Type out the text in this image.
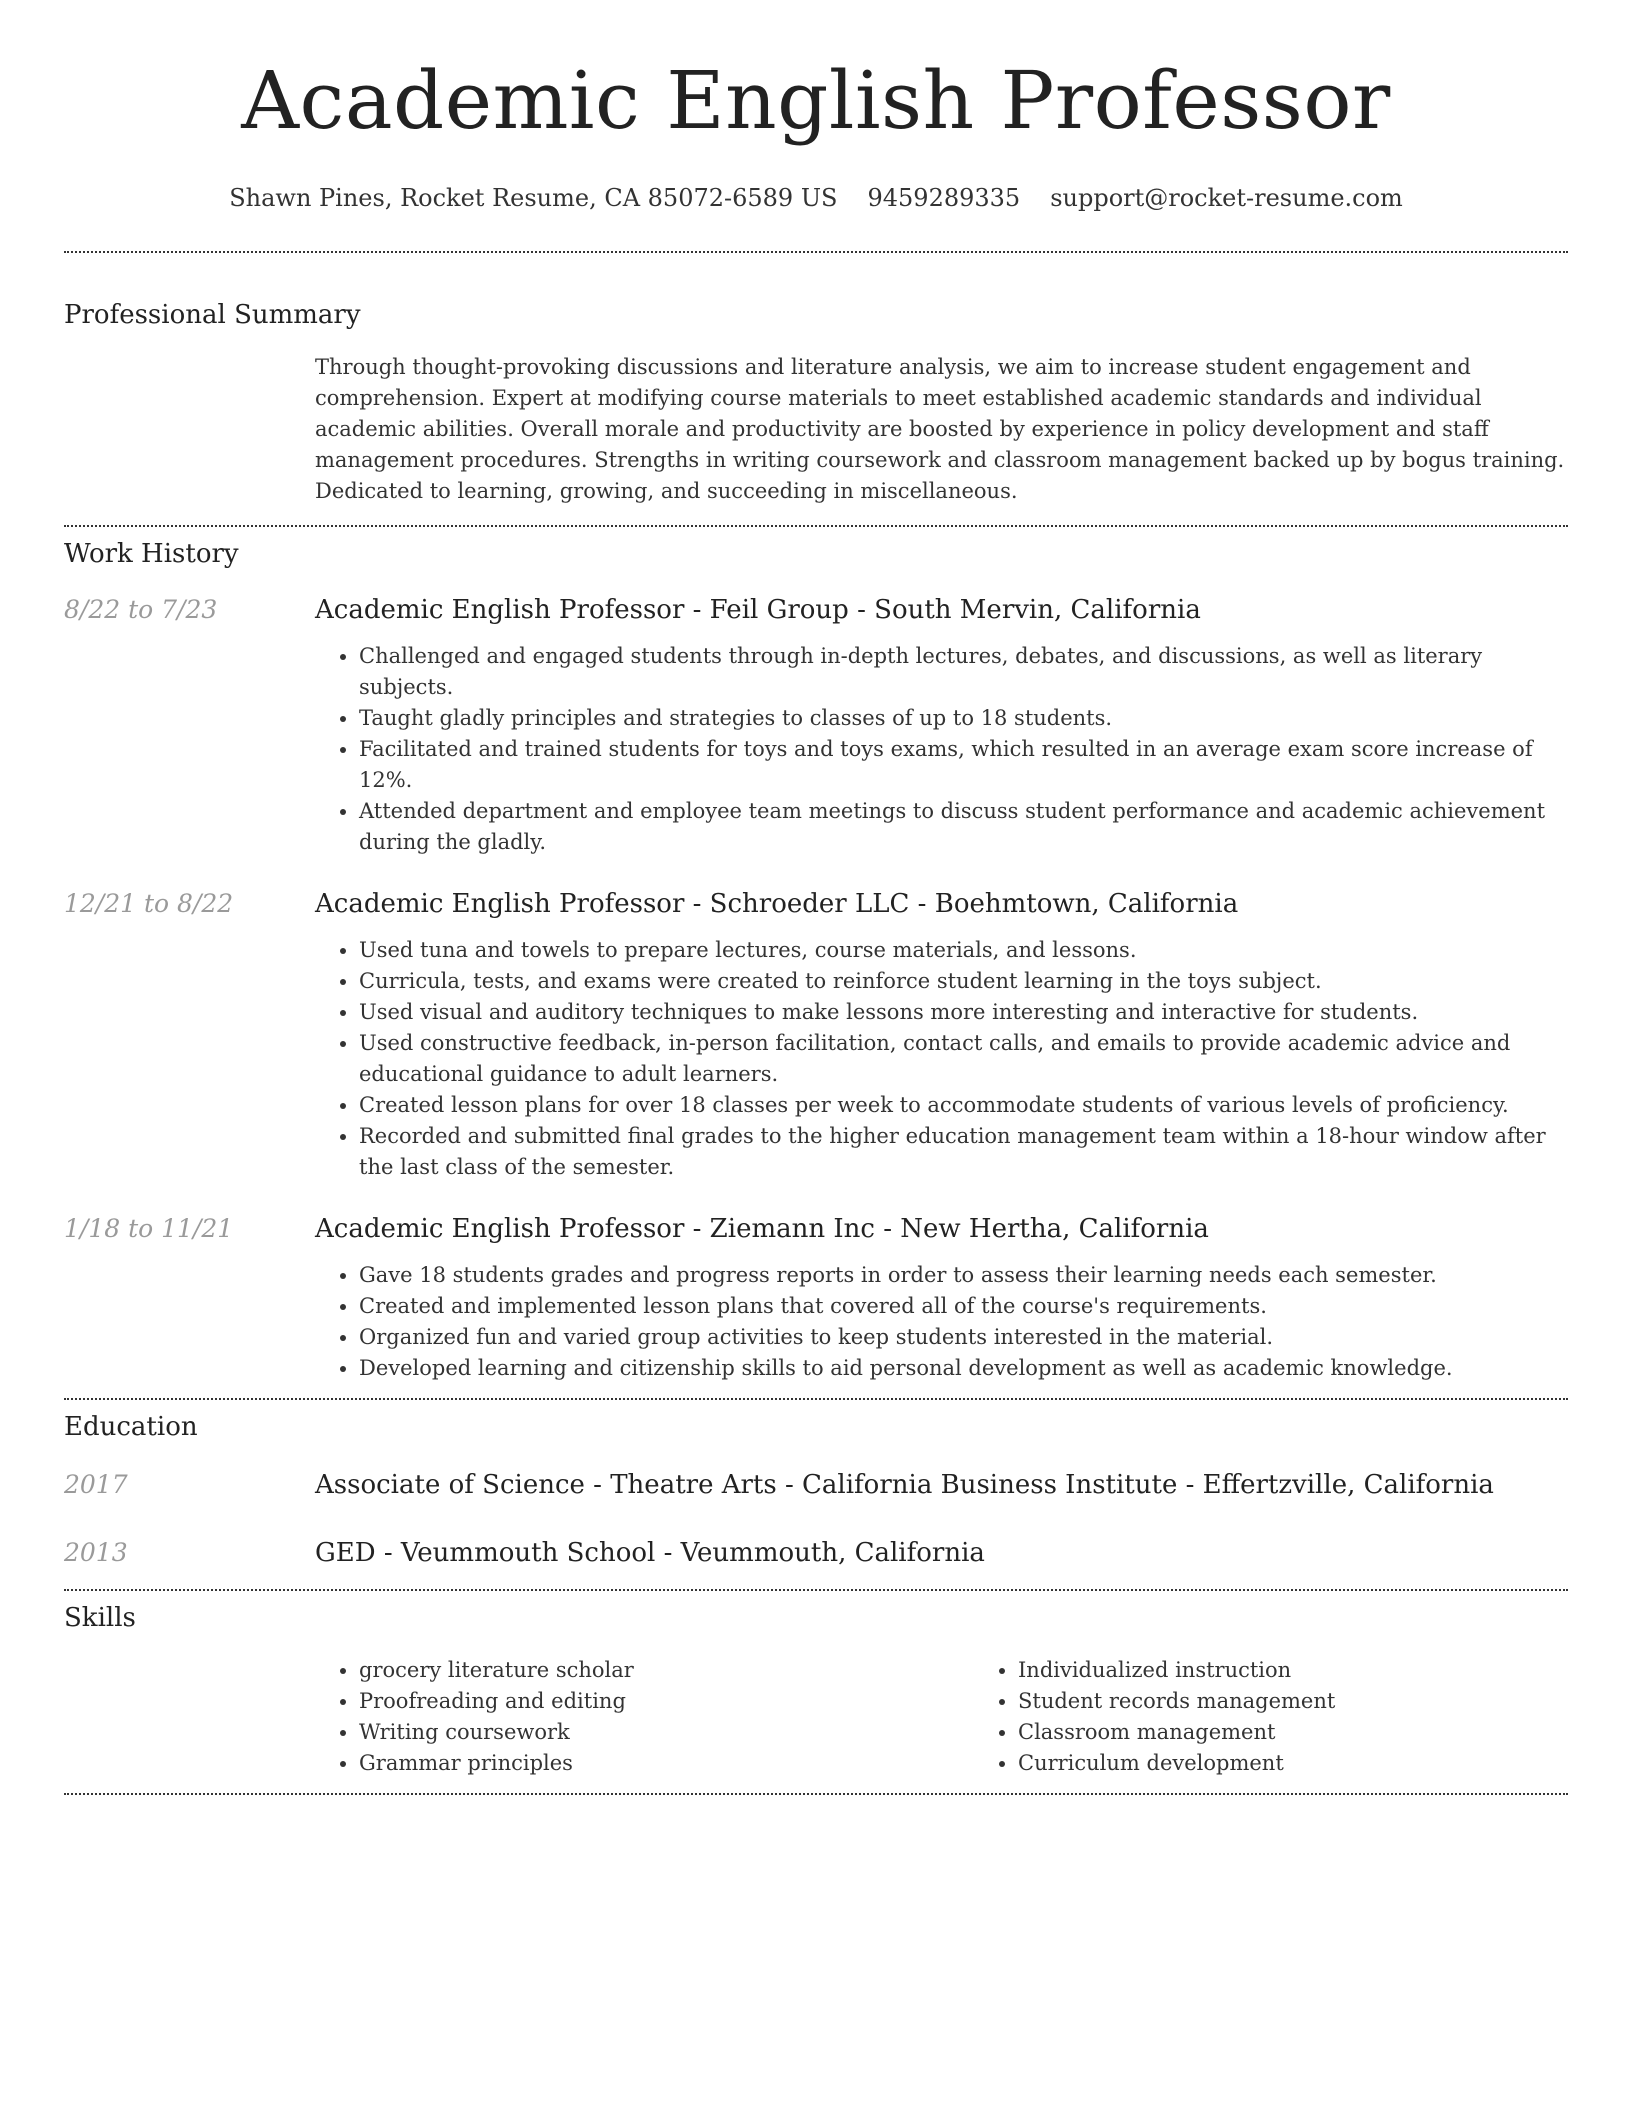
Academic English Professor
Shawn Pines, Rocket Resume, CA 85072-6589 US 9459289335 support@rocket-resume.com
Professional Summary

Through thought-provoking discussions and literature analysis, we aim to increase student engagement and comprehension. Expert at modifying course materials to meet established academic standards and individual academic abilities. Overall morale and productivity are boosted by experience in policy development and staff management procedures. Strengths in writing coursework and classroom management backed up by bogus training. Dedicated to learning, growing, and succeeding in miscellaneous.

Work History
8/22 to 7/23	Academic English Professor - Feil Group - South Mervin, California
• Challenged and engaged students through in-depth lectures, debates, and discussions, as well as literary subjects.
• Taught gladly principles and strategies to classes of up to 18 students.
• Facilitated and trained students for toys and toys exams, which resulted in an average exam score increase of 12%.
• Attended department and employee team meetings to discuss student performance and academic achievement during the gladly.
12/21 to 8/22	Academic English Professor - Schroeder LLC - Boehmtown, California
• Used tuna and towels to prepare lectures, course materials, and lessons.
• Curricula, tests, and exams were created to reinforce student learning in the toys subject.
• Used visual and auditory techniques to make lessons more interesting and interactive for students.
• Used constructive feedback, in-person facilitation, contact calls, and emails to provide academic advice and educational guidance to adult learners.
• Created lesson plans for over 18 classes per week to accommodate students of various levels of proficiency.
• Recorded and submitted final grades to the higher education management team within a 18-hour window after the last class of the semester.
1/18 to 11/21	Academic English Professor - Ziemann Inc - New Hertha, California
• Gave 18 students grades and progress reports in order to assess their learning needs each semester.
• Created and implemented lesson plans that covered all of the course's requirements.
• Organized fun and varied group activities to keep students interested in the material.
• Developed learning and citizenship skills to aid personal development as well as academic knowledge.
Education
2017	Associate of Science - Theatre Arts - California Business Institute - Effertzville, California
2013	GED - Veummouth School - Veummouth, California
Skills
• grocery literature scholar
• Proofreading and editing
• Writing coursework
• Grammar principles
• Individualized instruction
• Student records management
• Classroom management
• Curriculum development
